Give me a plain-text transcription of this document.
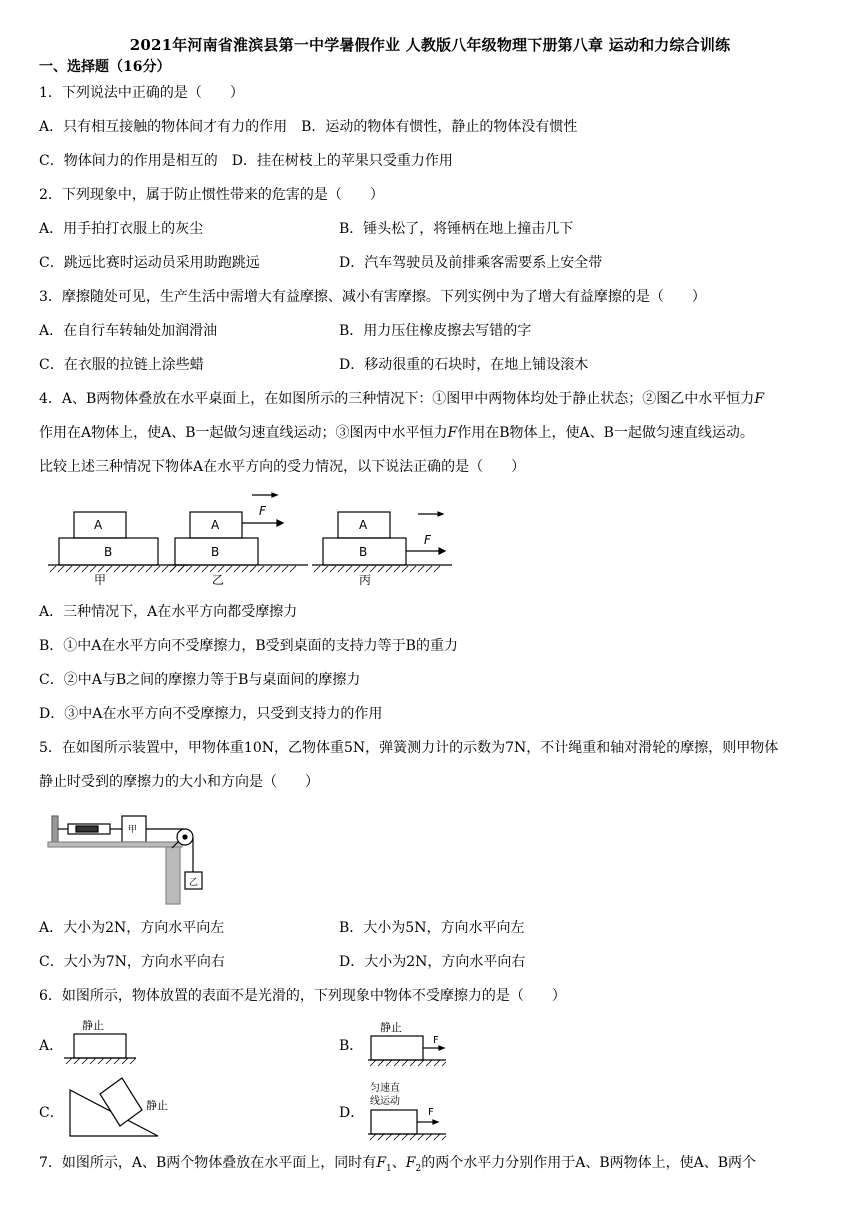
2021年河南省淮滨县第一中学暑假作业 人教版八年级物理下册第八章 运动和力综合训练
一、选择题（16分）
1．下列说法中正确的是（　　）
A．只有相互接触的物体间才有力的作用　B．运动的物体有惯性，静止的物体没有惯性
C．物体间力的作用是相互的　D．挂在树枝上的苹果只受重力作用
2．下列现象中，属于防止惯性带来的危害的是（　　）
A．用手拍打衣服上的灰尘	B．锤头松了，将锤柄在地上撞击几下
C．跳远比赛时运动员采用助跑跳远	D．汽车驾驶员及前排乘客需要系上安全带
3．摩擦随处可见，生产生活中需增大有益摩擦、减小有害摩擦。下列实例中为了增大有益摩擦的是（　　）
A．在自行车转轴处加润滑油	B．用力压住橡皮擦去写错的字
C．在衣服的拉链上涂些蜡	D．移动很重的石块时，在地上铺设滚木
4．A、B两物体叠放在水平桌面上，在如图所示的三种情况下：①图甲中两物体均处于静止状态；②图乙中水平恒力F
作用在A物体上，使A、B一起做匀速直线运动；③图丙中水平恒力F作用在B物体上，使A、B一起做匀速直线运动。
比较上述三种情况下物体A在水平方向的受力情况，以下说法正确的是（　　）
A
B
A
B
F
A
B
F
甲	乙	丙
A．三种情况下，A在水平方向都受摩擦力
B．①中A在水平方向不受摩擦力，B受到桌面的支持力等于B的重力
C．②中A与B之间的摩擦力等于B与桌面间的摩擦力
D．③中A在水平方向不受摩擦力，只受到支持力的作用
5．在如图所示装置中，甲物体重10N，乙物体重5N，弹簧测力计的示数为7N，不计绳重和轴对滑轮的摩擦，则甲物体
静止时受到的摩擦力的大小和方向是（　　）
甲
乙
A．大小为2N，方向水平向左	B．大小为5N，方向水平向左
C．大小为7N，方向水平向右	D．大小为2N，方向水平向右
6．如图所示，物体放置的表面不是光滑的，下列现象中物体不受摩擦力的是（　　）
A．
静止
B．
静止
F
C．	静止	D．
匀速直
线运动
F
7．如图所示，A、B两个物体叠放在水平面上，同时有$F_1$、$F_2$的两个水平力分别作用于A、B两物体上，使A、B两个
